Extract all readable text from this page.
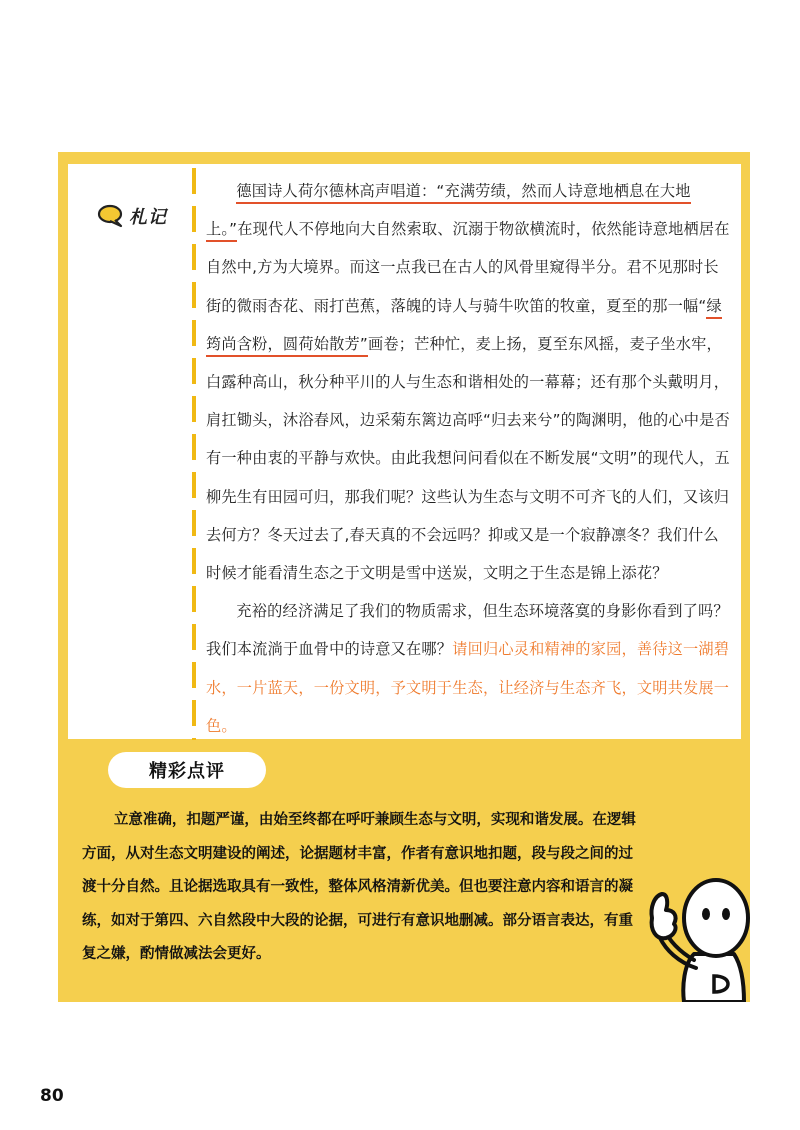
札记

德国诗人荷尔德林高声唱道：“充满劳绩，然而人诗意地栖息在大地上。”在现代人不停地向大自然索取、沉溺于物欲横流时，依然能诗意地栖居在自然中,方为大境界。而这一点我已在古人的风骨里窥得半分。君不见那时长街的微雨杏花、雨打芭蕉，落魄的诗人与骑牛吹笛的牧童，夏至的那一幅“绿筠尚含粉，圆荷始散芳”画卷；芒种忙，麦上扬，夏至东风摇，麦子坐水牢，白露种高山，秋分种平川的人与生态和谐相处的一幕幕；还有那个头戴明月，肩扛锄头，沐浴春风，边采菊东篱边高呼“归去来兮”的陶渊明，他的心中是否有一种由衷的平静与欢快。由此我想问问看似在不断发展“文明”的现代人，五柳先生有田园可归，那我们呢？这些认为生态与文明不可齐飞的人们，又该归去何方？冬天过去了,春天真的不会远吗？抑或又是一个寂静凛冬？我们什么时候才能看清生态之于文明是雪中送炭，文明之于生态是锦上添花？

充裕的经济满足了我们的物质需求，但生态环境落寞的身影你看到了吗？我们本流淌于血骨中的诗意又在哪？请回归心灵和精神的家园，善待这一湖碧水，一片蓝天，一份文明，予文明于生态，让经济与生态齐飞，文明共发展一色。

精彩点评

立意准确，扣题严谨，由始至终都在呼吁兼顾生态与文明，实现和谐发展。在逻辑方面，从对生态文明建设的阐述，论据题材丰富，作者有意识地扣题，段与段之间的过渡十分自然。且论据选取具有一致性，整体风格清新优美。但也要注意内容和语言的凝练，如对于第四、六自然段中大段的论据，可进行有意识地删减。部分语言表达，有重复之嫌，酌情做减法会更好。

80
